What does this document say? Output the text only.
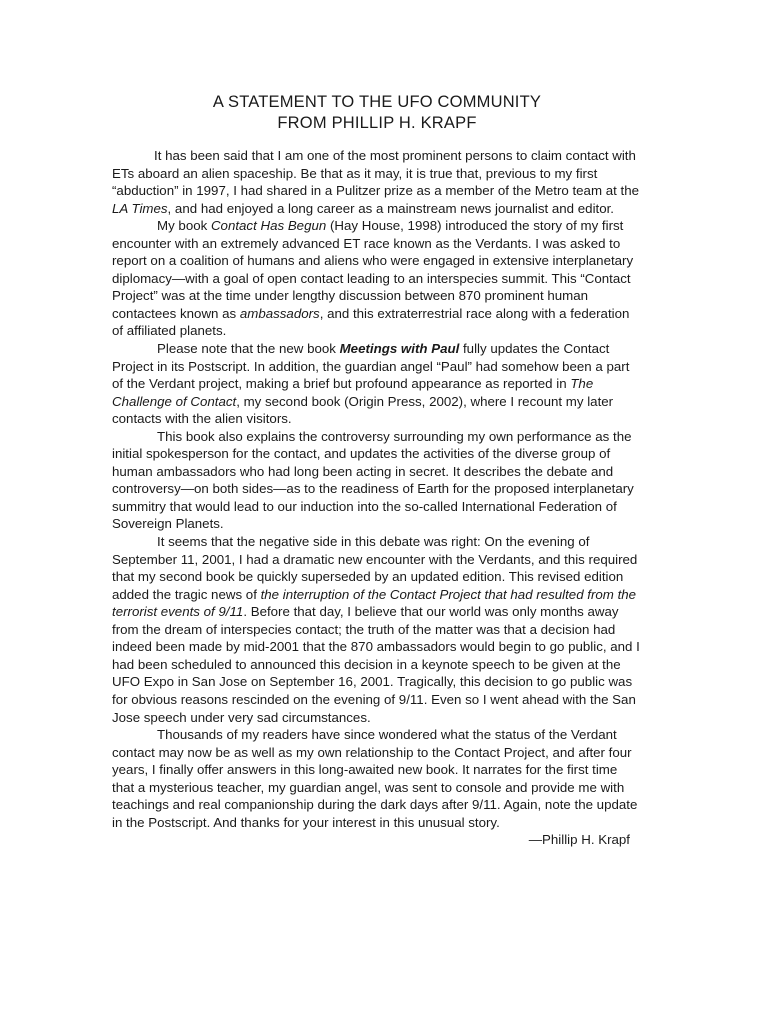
A STATEMENT TO THE UFO COMMUNITY
FROM PHILLIP H. KRAPF

It has been said that I am one of the most prominent persons to claim contact with ETs aboard an alien spaceship. Be that as it may, it is true that, previous to my first “abduction” in 1997, I had shared in a Pulitzer prize as a member of the Metro team at the LA Times, and had enjoyed a long career as a mainstream news journalist and editor.

My book Contact Has Begun (Hay House, 1998) introduced the story of my first encounter with an extremely advanced ET race known as the Verdants. I was asked to report on a coalition of humans and aliens who were engaged in extensive interplanetary diplomacy—with a goal of open contact leading to an interspecies summit. This “Contact Project” was at the time under lengthy discussion between 870 prominent human contactees known as ambassadors, and this extraterrestrial race along with a federation of affiliated planets.

Please note that the new book Meetings with Paul fully updates the Contact Project in its Postscript. In addition, the guardian angel “Paul” had somehow been a part of the Verdant project, making a brief but profound appearance as reported in The Challenge of Contact, my second book (Origin Press, 2002), where I recount my later contacts with the alien visitors.

This book also explains the controversy surrounding my own performance as the initial spokesperson for the contact, and updates the activities of the diverse group of human ambassadors who had long been acting in secret. It describes the debate and controversy—on both sides—as to the readiness of Earth for the proposed interplanetary summitry that would lead to our induction into the so-called International Federation of Sovereign Planets.

It seems that the negative side in this debate was right: On the evening of September 11, 2001, I had a dramatic new encounter with the Verdants, and this required that my second book be quickly superseded by an updated edition. This revised edition added the tragic news of the interruption of the Contact Project that had resulted from the terrorist events of 9/11. Before that day, I believe that our world was only months away from the dream of interspecies contact; the truth of the matter was that a decision had indeed been made by mid-2001 that the 870 ambassadors would begin to go public, and I had been scheduled to announced this decision in a keynote speech to be given at the UFO Expo in San Jose on September 16, 2001. Tragically, this decision to go public was for obvious reasons rescinded on the evening of 9/11. Even so I went ahead with the San Jose speech under very sad circumstances.

Thousands of my readers have since wondered what the status of the Verdant contact may now be as well as my own relationship to the Contact Project, and after four years, I finally offer answers in this long-awaited new book. It narrates for the first time that a mysterious teacher, my guardian angel, was sent to console and provide me with teachings and real companionship during the dark days after 9/11. Again, note the update in the Postscript. And thanks for your interest in this unusual story.

—Phillip H. Krapf
